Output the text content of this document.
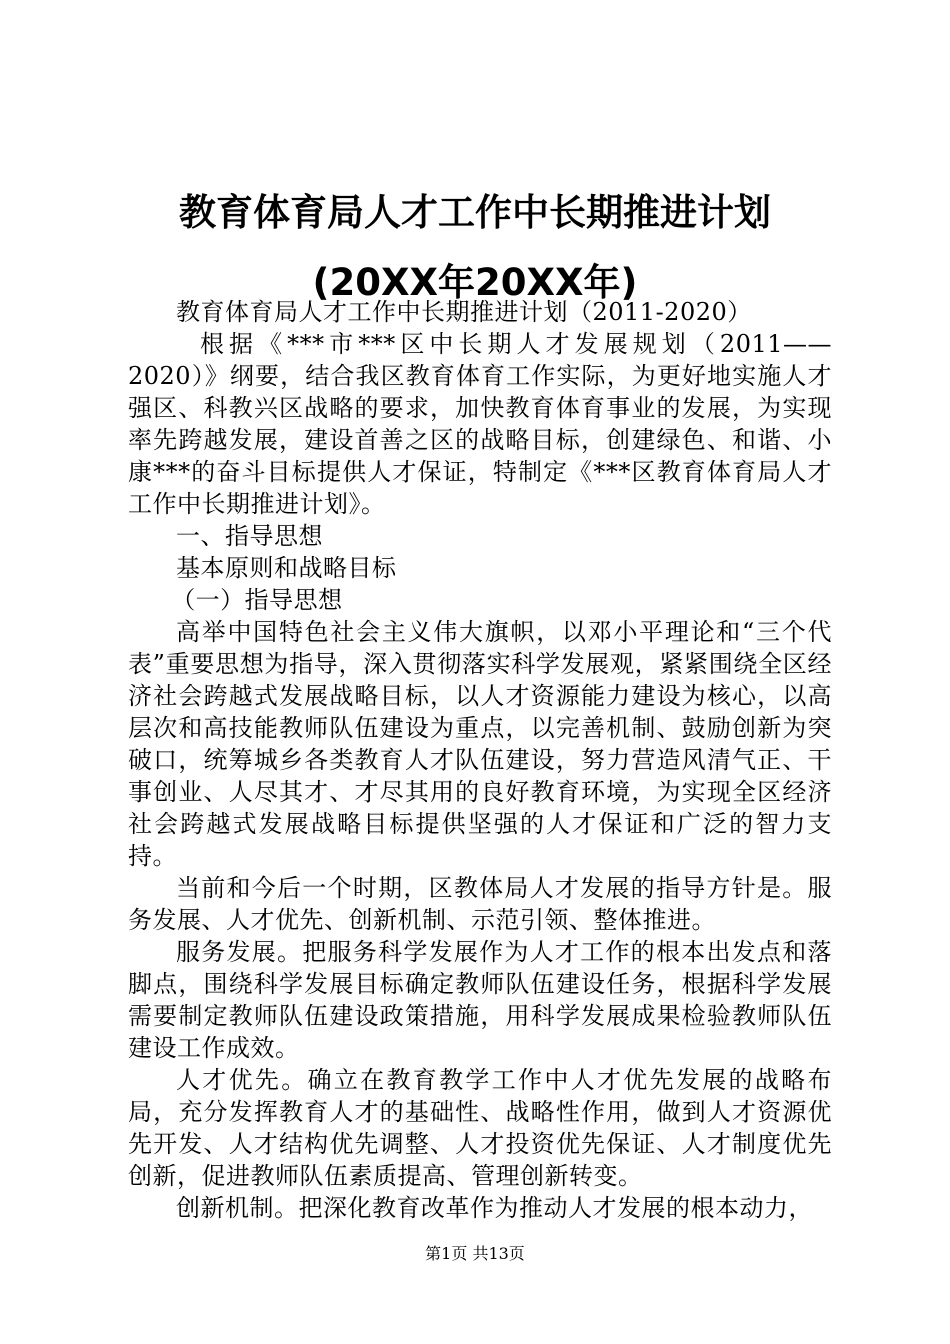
教育体育局人才工作中长期推进计划(20XX年20XX年)

教育体育局人才工作中长期推进计划（2011-2020）

根据《***市***区中长期人才发展规划（2011——2020）》纲要，结合我区教育体育工作实际，为更好地实施人才强区、科教兴区战略的要求，加快教育体育事业的发展，为实现率先跨越发展，建设首善之区的战略目标，创建绿色、和谐、小康***的奋斗目标提供人才保证，特制定《***区教育体育局人才工作中长期推进计划》。

一、指导思想

基本原则和战略目标

（一）指导思想

高举中国特色社会主义伟大旗帜，以邓小平理论和“三个代表”重要思想为指导，深入贯彻落实科学发展观，紧紧围绕全区经济社会跨越式发展战略目标，以人才资源能力建设为核心，以高层次和高技能教师队伍建设为重点，以完善机制、鼓励创新为突破口，统筹城乡各类教育人才队伍建设，努力营造风清气正、干事创业、人尽其才、才尽其用的良好教育环境，为实现全区经济社会跨越式发展战略目标提供坚强的人才保证和广泛的智力支持。

当前和今后一个时期，区教体局人才发展的指导方针是。服务发展、人才优先、创新机制、示范引领、整体推进。

服务发展。把服务科学发展作为人才工作的根本出发点和落脚点，围绕科学发展目标确定教师队伍建设任务，根据科学发展需要制定教师队伍建设政策措施，用科学发展成果检验教师队伍建设工作成效。

人才优先。确立在教育教学工作中人才优先发展的战略布局，充分发挥教育人才的基础性、战略性作用，做到人才资源优先开发、人才结构优先调整、人才投资优先保证、人才制度优先创新，促进教师队伍素质提高、管理创新转变。

创新机制。把深化教育改革作为推动人才发展的根本动力，

第1页 共13页
